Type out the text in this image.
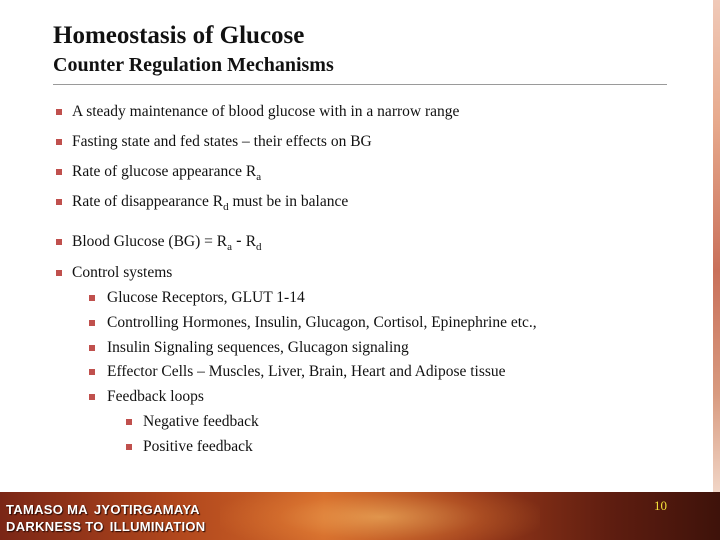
Homeostasis of Glucose
Counter Regulation Mechanisms
A steady maintenance of blood glucose with in a narrow range
Fasting state and fed states – their effects on BG
Rate of glucose appearance $R_a$
Rate of disappearance $R_d$ must be in balance
Blood Glucose $(BG) = R_a - R_d$
Control systems
Glucose Receptors, GLUT 1-14
Controlling Hormones, Insulin, Glucagon, Cortisol, Epinephrine etc.,
Insulin Signaling sequences, Glucagon signaling
Effector Cells – Muscles, Liver, Brain, Heart and Adipose tissue
Feedback loops
Negative feedback
Positive feedback
TAMASO MA JYOTIRGAMAYA
DARKNESS TO ILLUMINATION
10
